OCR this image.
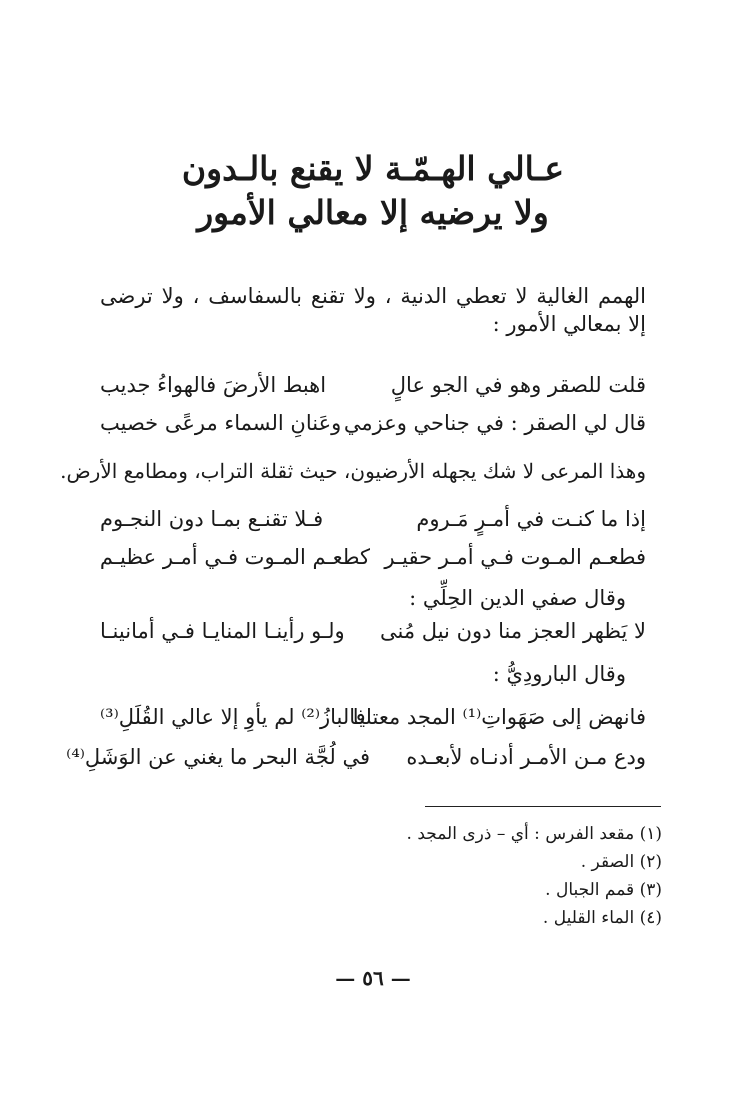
عـالي الهـمّـة لا يقنع بالـدون
ولا يرضيه إلا معالي الأمور
الهمم الغالية لا تعطي الدنية ، ولا تقنع بالسفاسف ، ولا ترضى إلا بمعالي الأمور :
قلت للصقر وهو في الجو عالٍ
اهبط الأرضَ فالهواءُ جديب
قال لي الصقر : في جناحي وعزمي
وعَنانِ السماء مرعًى خصيب
وهذا المرعى لا شك يجهله الأرضيون، حيث ثقلة التراب، ومطامع الأرض.
إذا ما كنـت في أمـرٍ مَـروم
فـلا تقنـع بمـا دون النجـوم
فطعـم المـوت فـي أمـر حقيـر
كطعـم المـوت فـي أمـر عظيـم
وقال صفي الدين الحِلِّي :
لا يَظهر العجز منا دون نيل مُنى
ولـو رأينـا المنايـا فـي أمانينـا
وقال البارودِيُّ :
فانهض إلى صَهَواتِ⁽¹⁾ المجد معتليا
فالبازُ⁽²⁾ لم يأوِ إلا عالي القُلَلِ⁽³⁾
ودع مـن الأمـر أدنـاه لأبعـده
في لُجَّة البحر ما يغني عن الوَشَلِ⁽⁴⁾
(١) مقعد الفرس : أي – ذرى المجد .
(٢) الصقر .
(٣) قمم الجبال .
(٤) الماء القليل .
— ٥٦ —
